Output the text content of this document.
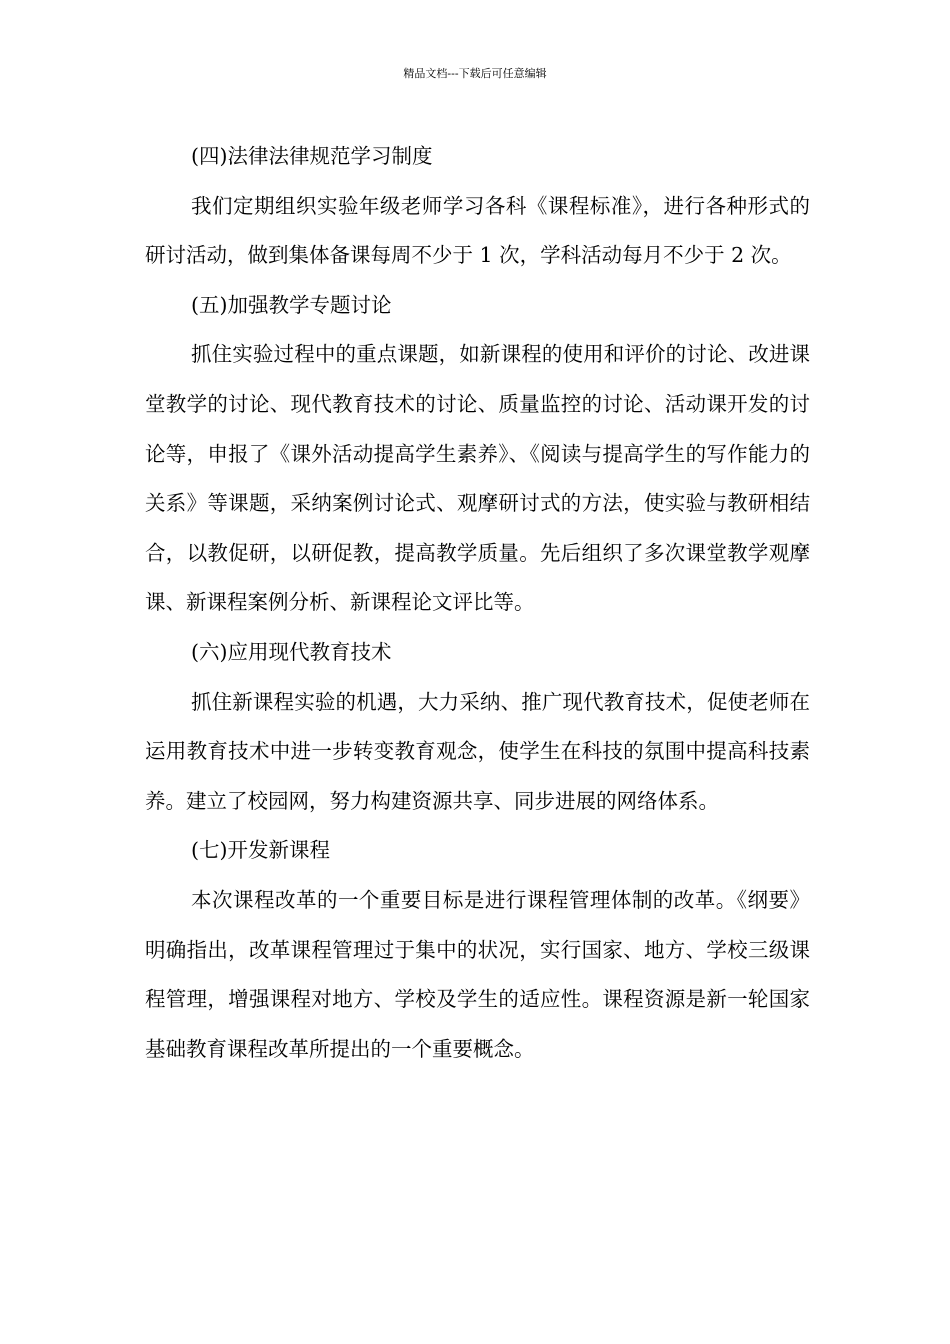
精品文档---下载后可任意编辑

(四)法律法律规范学习制度

我们定期组织实验年级老师学习各科《课程标准》，进行各种形式的研讨活动，做到集体备课每周不少于 1 次，学科活动每月不少于 2 次。

(五)加强教学专题讨论

抓住实验过程中的重点课题，如新课程的使用和评价的讨论、改进课堂教学的讨论、现代教育技术的讨论、质量监控的讨论、活动课开发的讨论等，申报了《课外活动提高学生素养》、《阅读与提高学生的写作能力的关系》等课题，采纳案例讨论式、观摩研讨式的方法，使实验与教研相结合，以教促研，以研促教，提高教学质量。先后组织了多次课堂教学观摩课、新课程案例分析、新课程论文评比等。

(六)应用现代教育技术

抓住新课程实验的机遇，大力采纳、推广现代教育技术，促使老师在运用教育技术中进一步转变教育观念，使学生在科技的氛围中提高科技素养。建立了校园网，努力构建资源共享、同步进展的网络体系。

(七)开发新课程

本次课程改革的一个重要目标是进行课程管理体制的改革。《纲要》明确指出，改革课程管理过于集中的状况，实行国家、地方、学校三级课程管理，增强课程对地方、学校及学生的适应性。课程资源是新一轮国家基础教育课程改革所提出的一个重要概念。
